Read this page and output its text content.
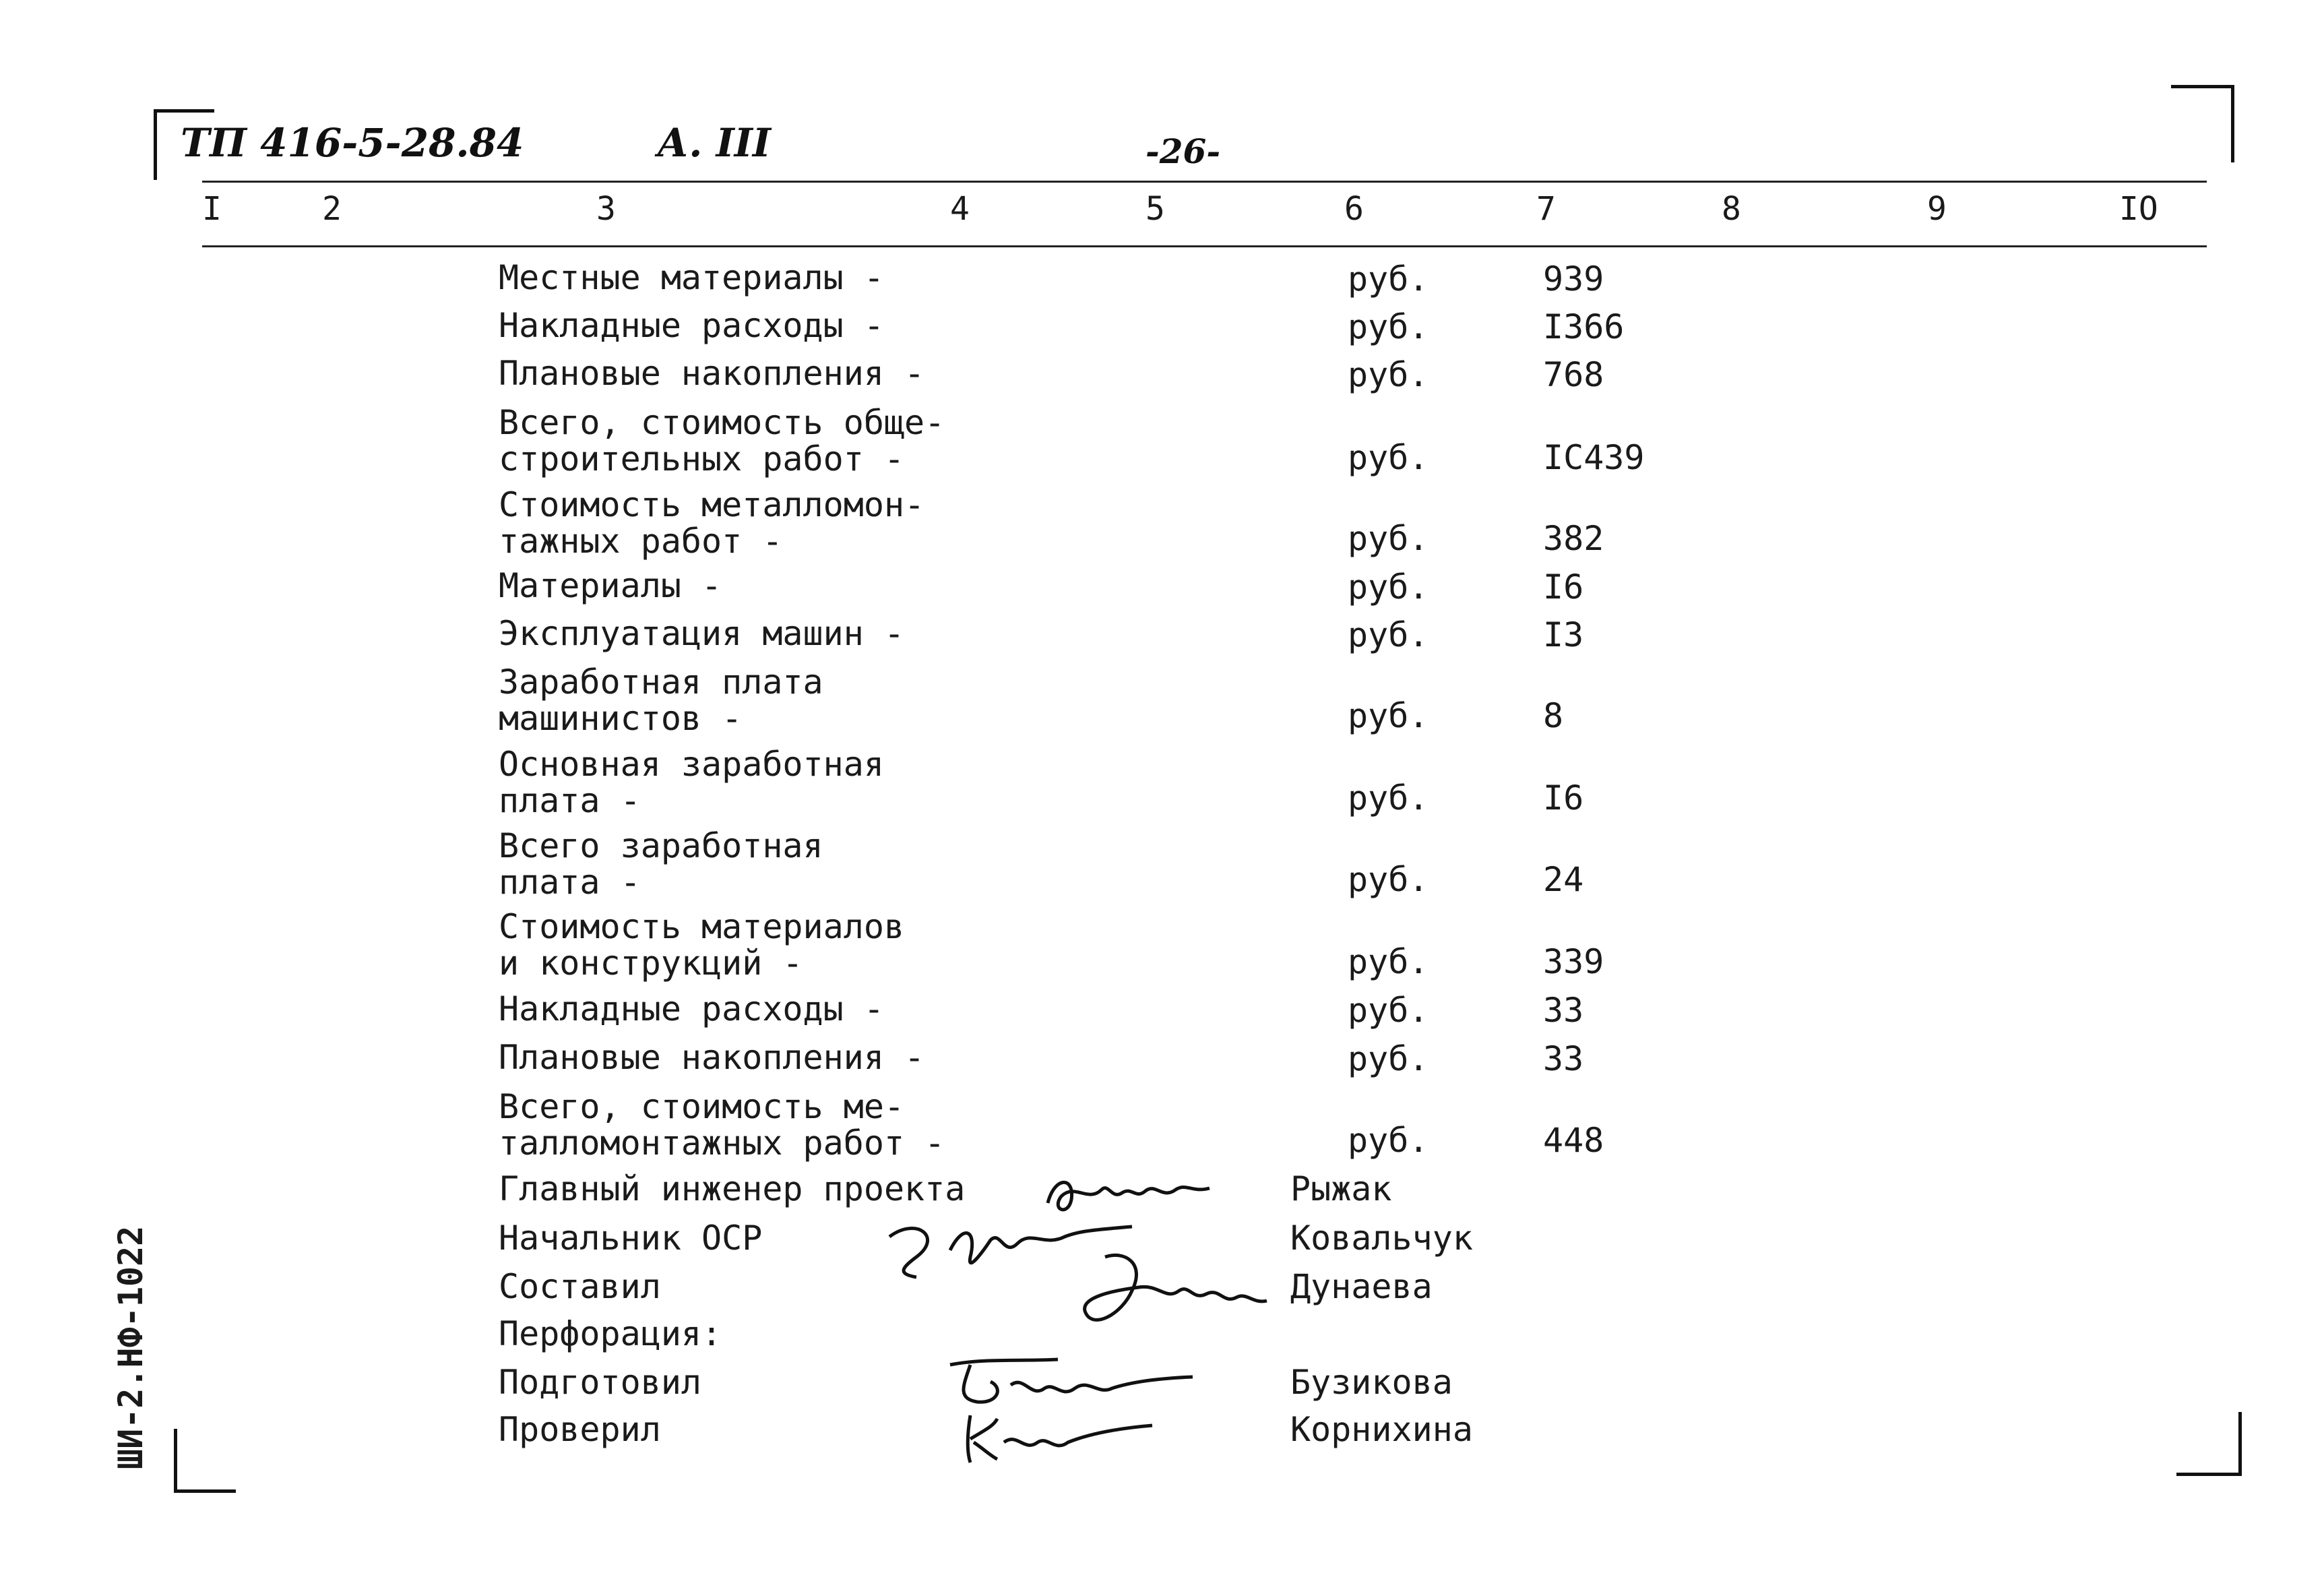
ТП 416-5-28.84	А. III	-26-
I	2	3	4	5	6	7	8	9	IO
Местные материалы -	руб.	939
Накладные расходы -	руб.	I366
Плановые накопления -	руб.	768
Всего, стоимость обще-
строительных работ -	руб.	IC439
Стоимость металломон-
тажных работ -	руб.	382
Материалы -	руб.	I6
Эксплуатация машин -	руб.	I3
Заработная плата
машинистов -	руб.	8
Основная заработная
плата -	руб.	I6
Всего заработная
плата -	руб.	24
Стоимость материалов
и конструкций -	руб.	339
Накладные расходы -	руб.	33
Плановые накопления -	руб.	33
Всего, стоимость ме-
талломонтажных работ -	руб.	448
Главный инженер проекта	Рыжак
Начальник ОСР	Ковальчук
Составил	Дунаева
Перфорация:
Подготовил	Бузикова
Проверил	Корнихина
ШИ-2.НФ-1022
